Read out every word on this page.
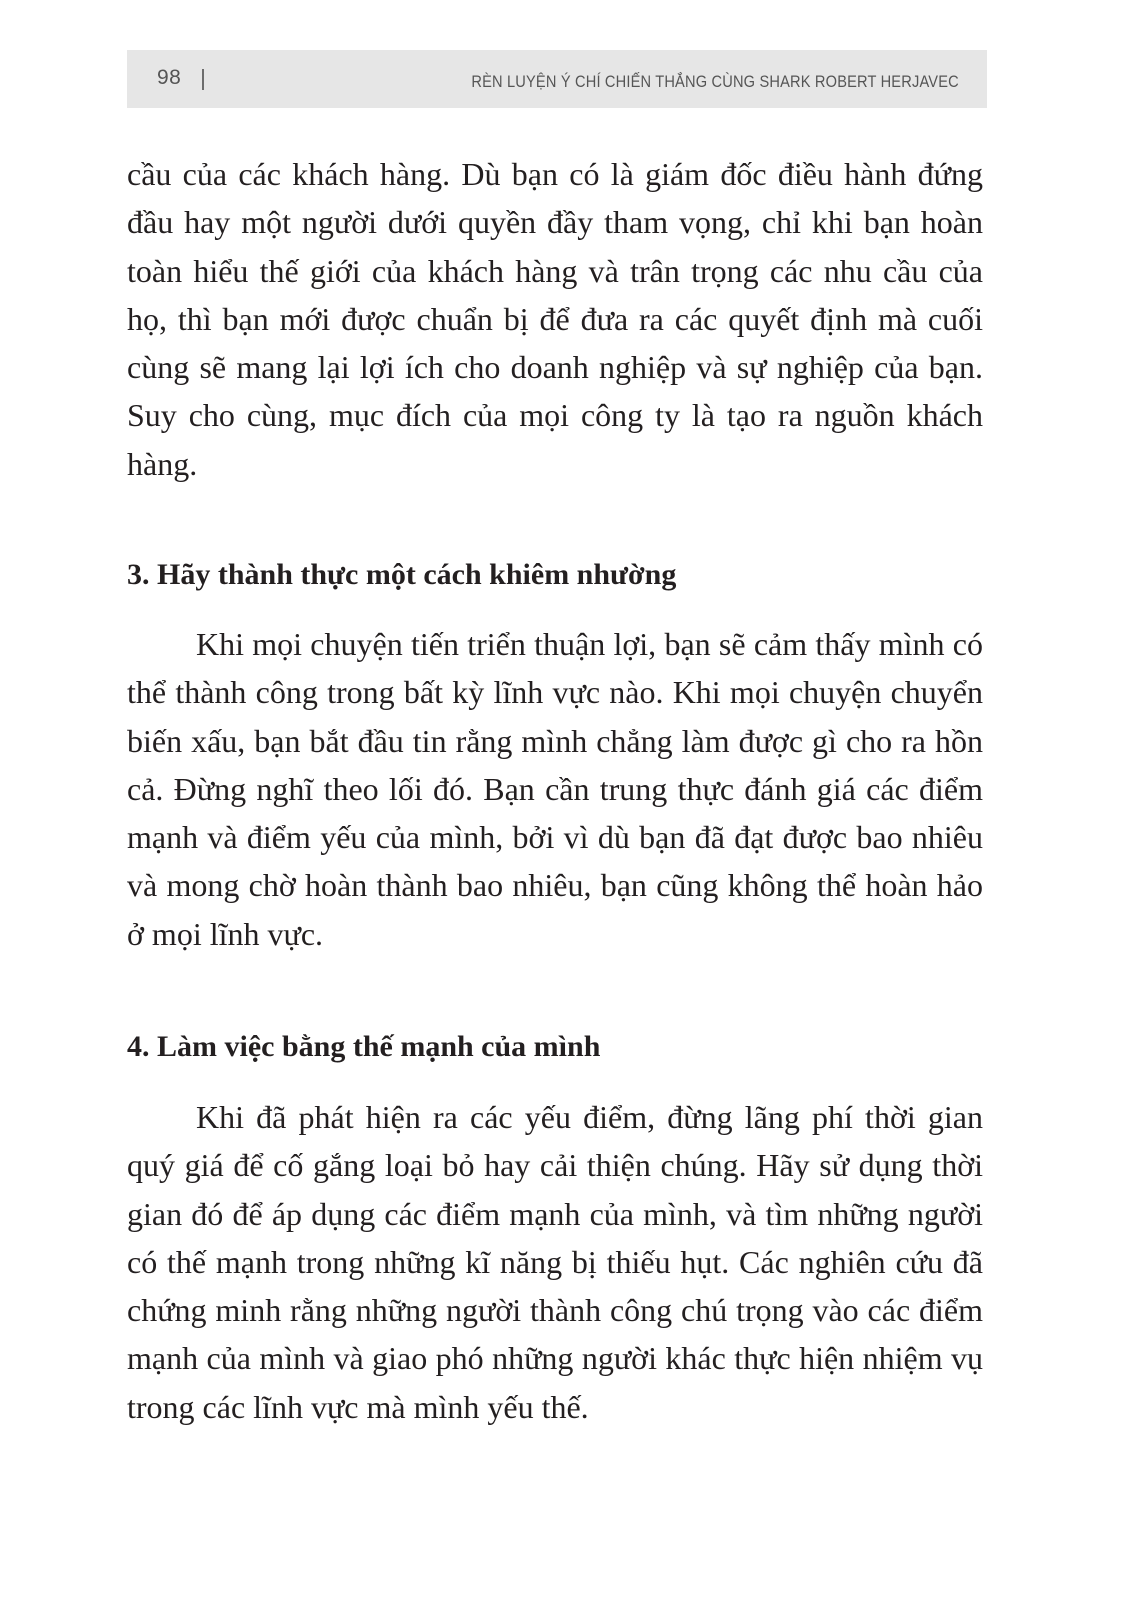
98	RÈN LUYỆN Ý CHÍ CHIẾN THẮNG CÙNG SHARK ROBERT HERJAVEC

cầu của các khách hàng. Dù bạn có là giám đốc điều hành đứng đầu hay một người dưới quyền đầy tham vọng, chỉ khi bạn hoàn toàn hiểu thế giới của khách hàng và trân trọng các nhu cầu của họ, thì bạn mới được chuẩn bị để đưa ra các quyết định mà cuối cùng sẽ mang lại lợi ích cho doanh nghiệp và sự nghiệp của bạn. Suy cho cùng, mục đích của mọi công ty là tạo ra nguồn khách hàng.

3. Hãy thành thực một cách khiêm nhường

Khi mọi chuyện tiến triển thuận lợi, bạn sẽ cảm thấy mình có thể thành công trong bất kỳ lĩnh vực nào. Khi mọi chuyện chuyển biến xấu, bạn bắt đầu tin rằng mình chẳng làm được gì cho ra hồn cả. Đừng nghĩ theo lối đó. Bạn cần trung thực đánh giá các điểm mạnh và điểm yếu của mình, bởi vì dù bạn đã đạt được bao nhiêu và mong chờ hoàn thành bao nhiêu, bạn cũng không thể hoàn hảo ở mọi lĩnh vực.

4. Làm việc bằng thế mạnh của mình

Khi đã phát hiện ra các yếu điểm, đừng lãng phí thời gian quý giá để cố gắng loại bỏ hay cải thiện chúng. Hãy sử dụng thời gian đó để áp dụng các điểm mạnh của mình, và tìm những người có thế mạnh trong những kĩ năng bị thiếu hụt. Các nghiên cứu đã chứng minh rằng những người thành công chú trọng vào các điểm mạnh của mình và giao phó những người khác thực hiện nhiệm vụ trong các lĩnh vực mà mình yếu thế.
